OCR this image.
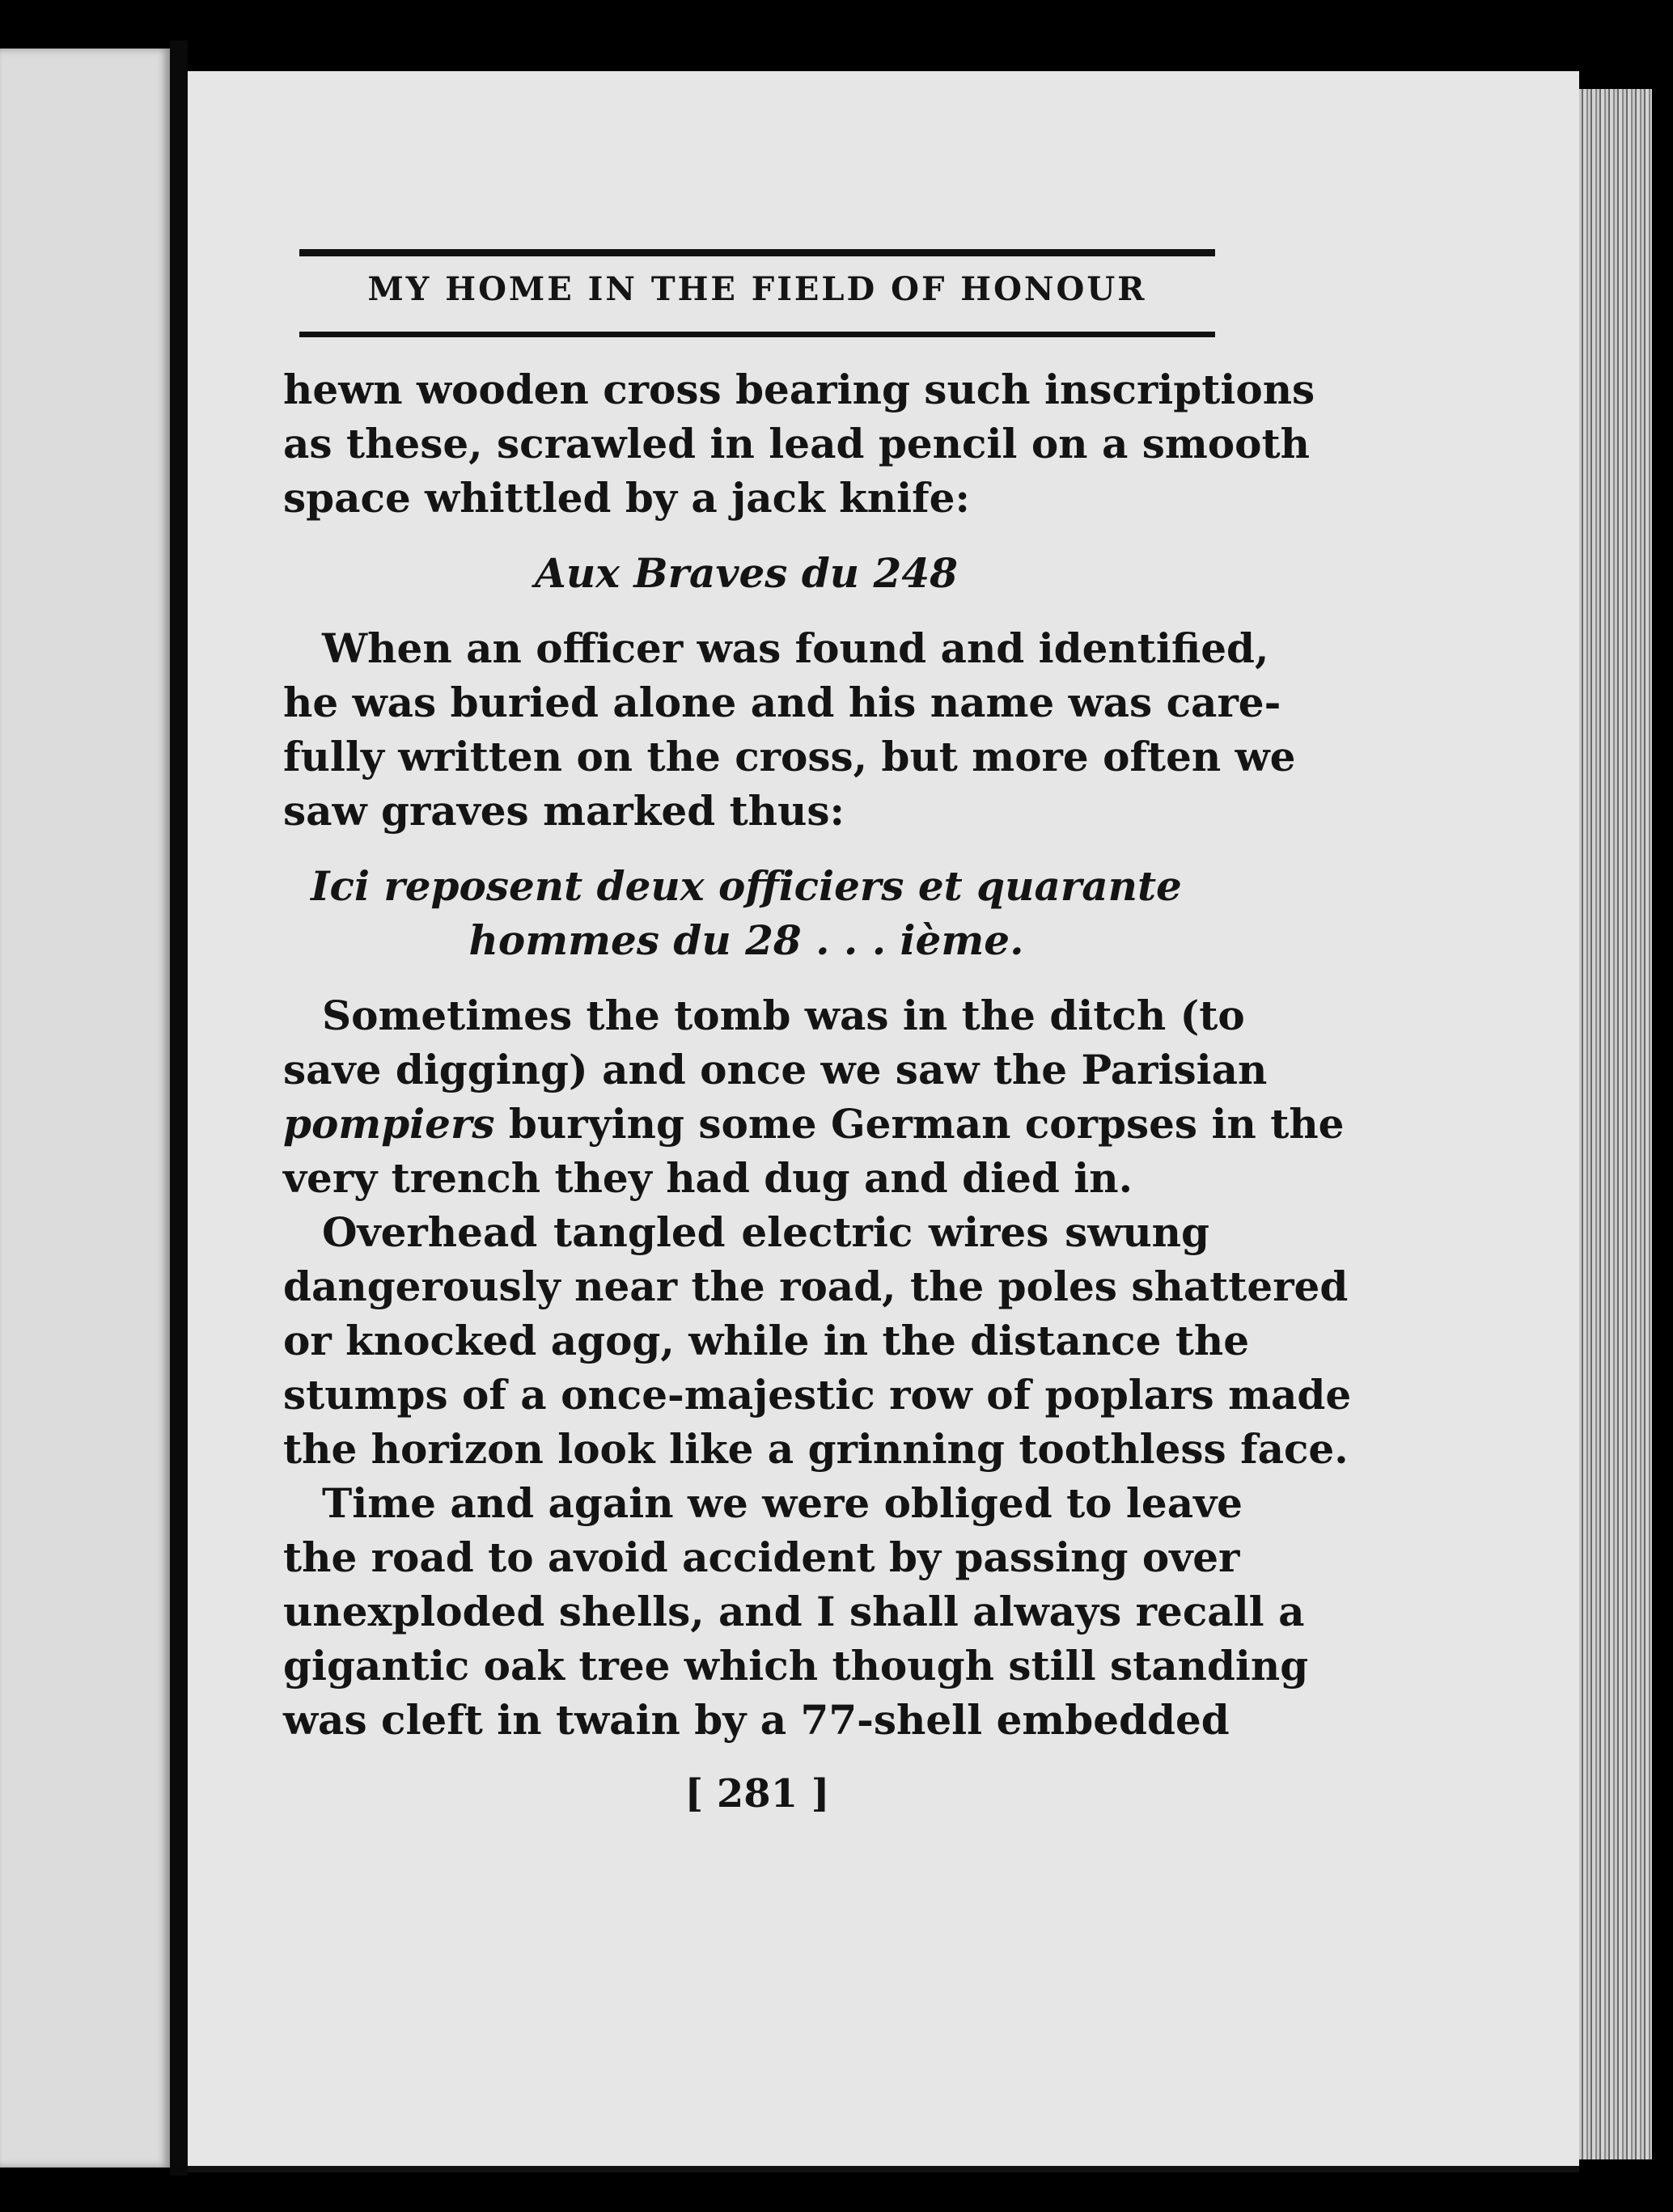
MY HOME IN THE FIELD OF HONOUR
hewn wooden cross bearing such inscriptions
as these, scrawled in lead pencil on a smooth
space whittled by a jack knife:
Aux Braves du 248
When an officer was found and identified,
he was buried alone and his name was care-
fully written on the cross, but more often we
saw graves marked thus:
Ici reposent deux officiers et quarante
hommes du 28 . . . ième.
Sometimes the tomb was in the ditch (to
save digging) and once we saw the Parisian
pompiers burying some German corpses in the
very trench they had dug and died in.
Overhead tangled electric wires swung
dangerously near the road, the poles shattered
or knocked agog, while in the distance the
stumps of a once-majestic row of poplars made
the horizon look like a grinning toothless face.
Time and again we were obliged to leave
the road to avoid accident by passing over
unexploded shells, and I shall always recall a
gigantic oak tree which though still standing
was cleft in twain by a 77-shell embedded
[ 281 ]
